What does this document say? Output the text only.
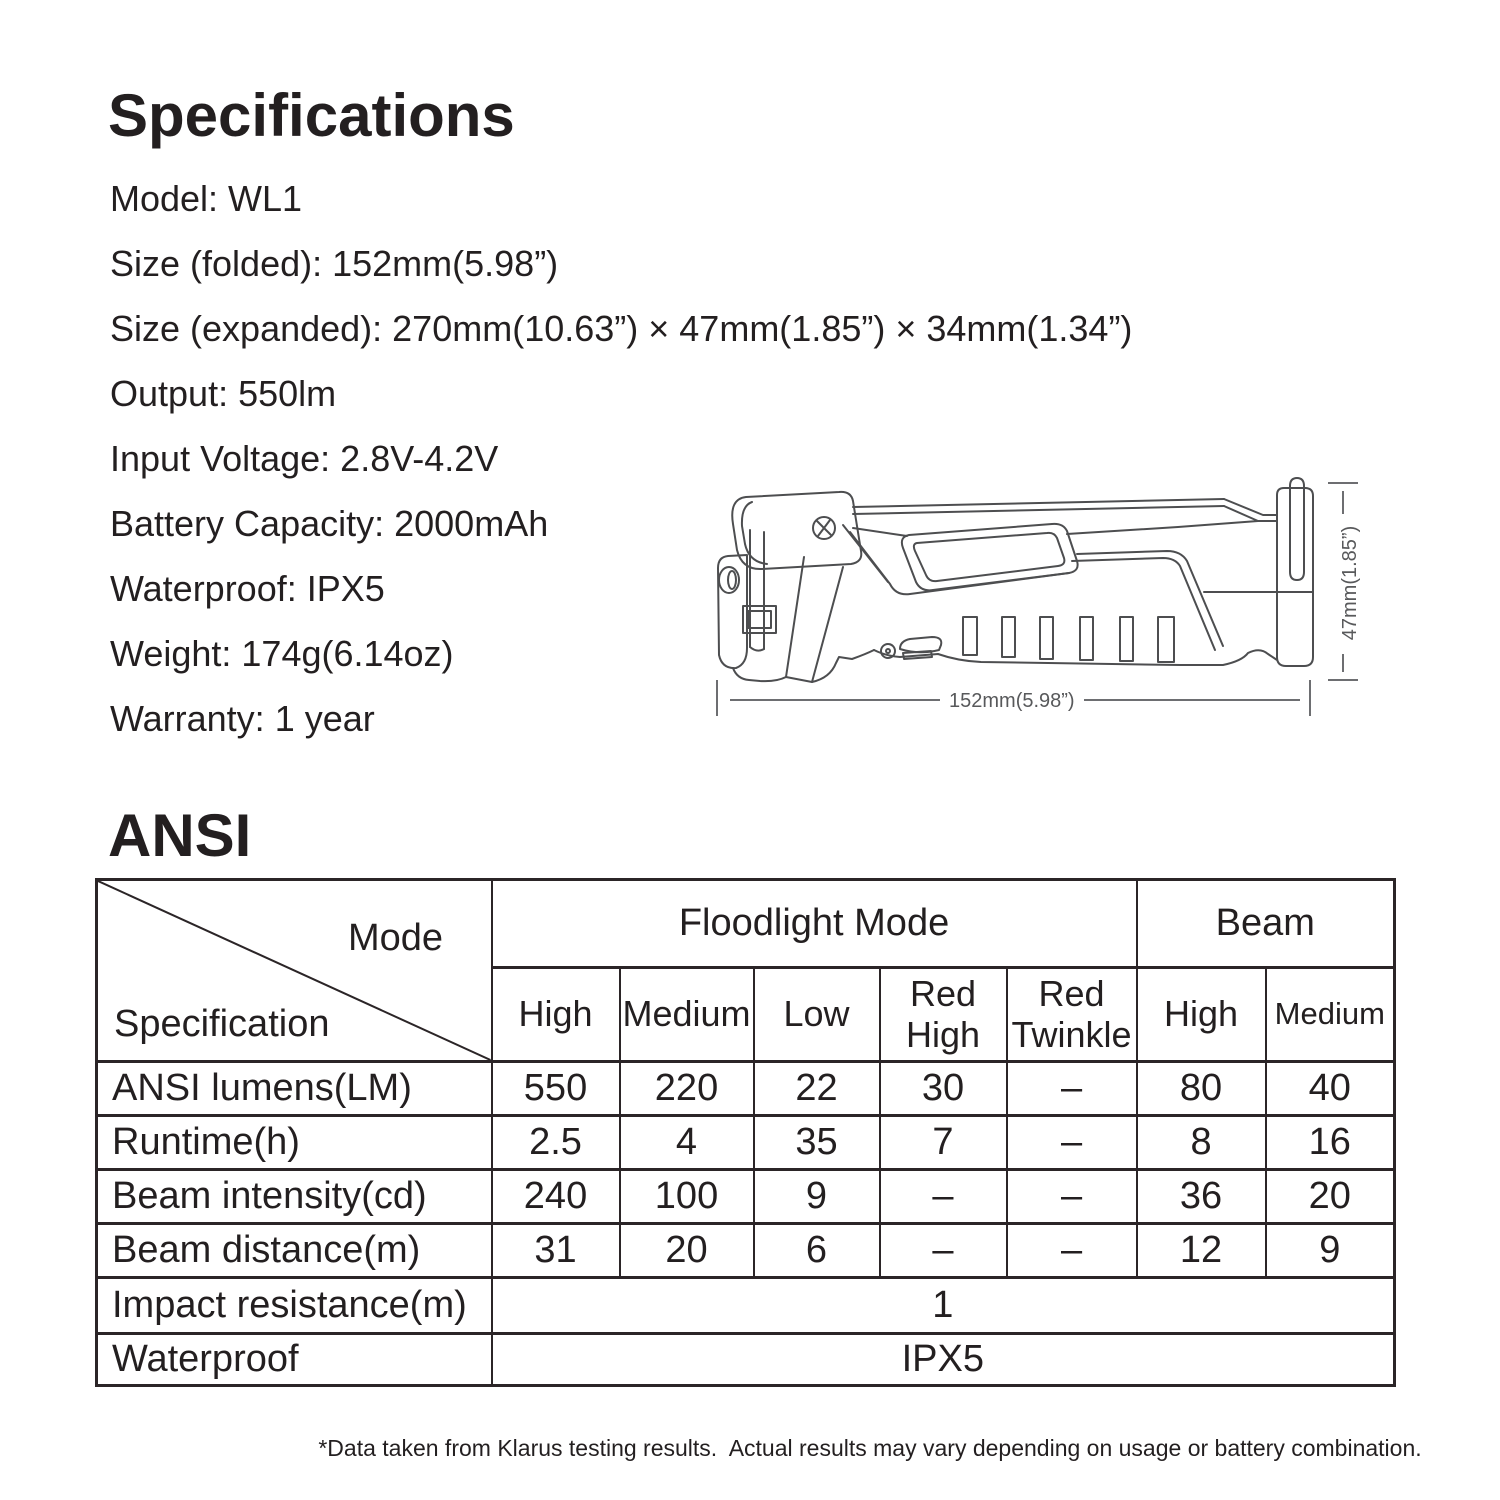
Specifications
Model: WL1
Size (folded): 152mm(5.98”)
Size (expanded): 270mm(10.63”) × 47mm(1.85”) × 34mm(1.34”)
Output: 550lm
Input Voltage: 2.8V-4.2V
Battery Capacity: 2000mAh
Waterproof: IPX5
Weight: 174g(6.14oz)
Warranty: 1 year	152mm(5.98”)
47mm(1.85”)
ANSI
Mode
Specification	Floodlight Mode					Beam	
	High	Medium	Low	Red High	Red Twinkle	High	Medium
ANSI lumens(LM)	550	220	22	30	–	80	40
Runtime(h)	2.5	4	35	7	–	8	16
Beam intensity(cd)	240	100	9	–	–	36	20
Beam distance(m)	31	20	6	–	–	12	9
Impact resistance(m)	1						
Waterproof	IPX5						
*Data taken from Klarus testing results.  Actual results may vary depending on usage or battery combination.
